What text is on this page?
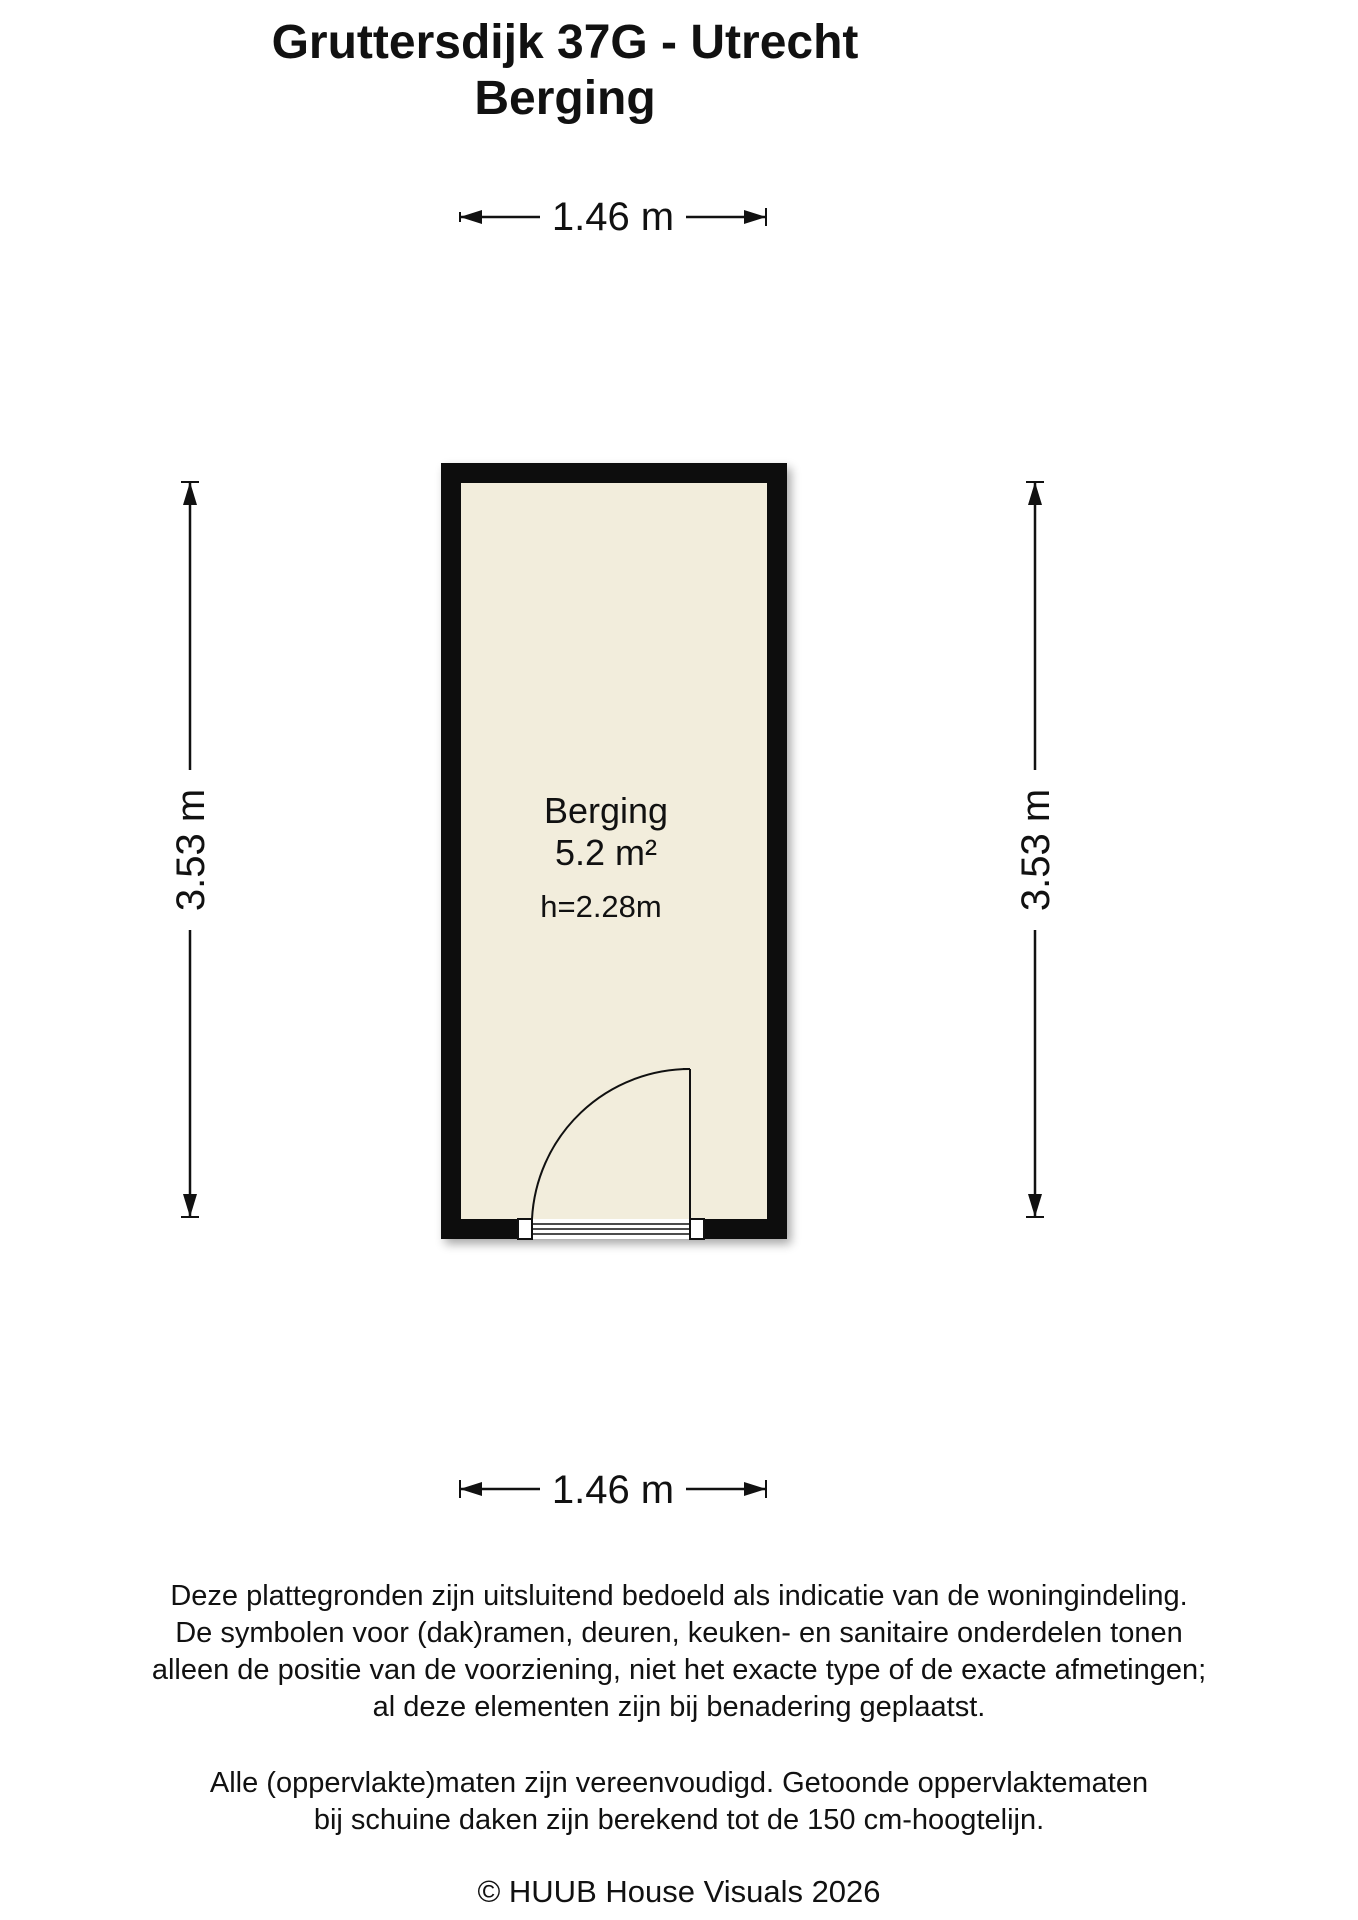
Gruttersdijk 37G - Utrecht
Berging
1.46 m
1.46 m
3.53 m	3.53 m
Berging
5.2 m²
h=2.28m
Deze plattegronden zijn uitsluitend bedoeld als indicatie van de woningindeling.
De symbolen voor (dak)ramen, deuren, keuken- en sanitaire onderdelen tonen
alleen de positie van de voorziening, niet het exacte type of de exacte afmetingen;
al deze elementen zijn bij benadering geplaatst.
Alle (oppervlakte)maten zijn vereenvoudigd. Getoonde oppervlaktematen
bij schuine daken zijn berekend tot de 150 cm-hoogtelijn.
© HUUB House Visuals 2026
